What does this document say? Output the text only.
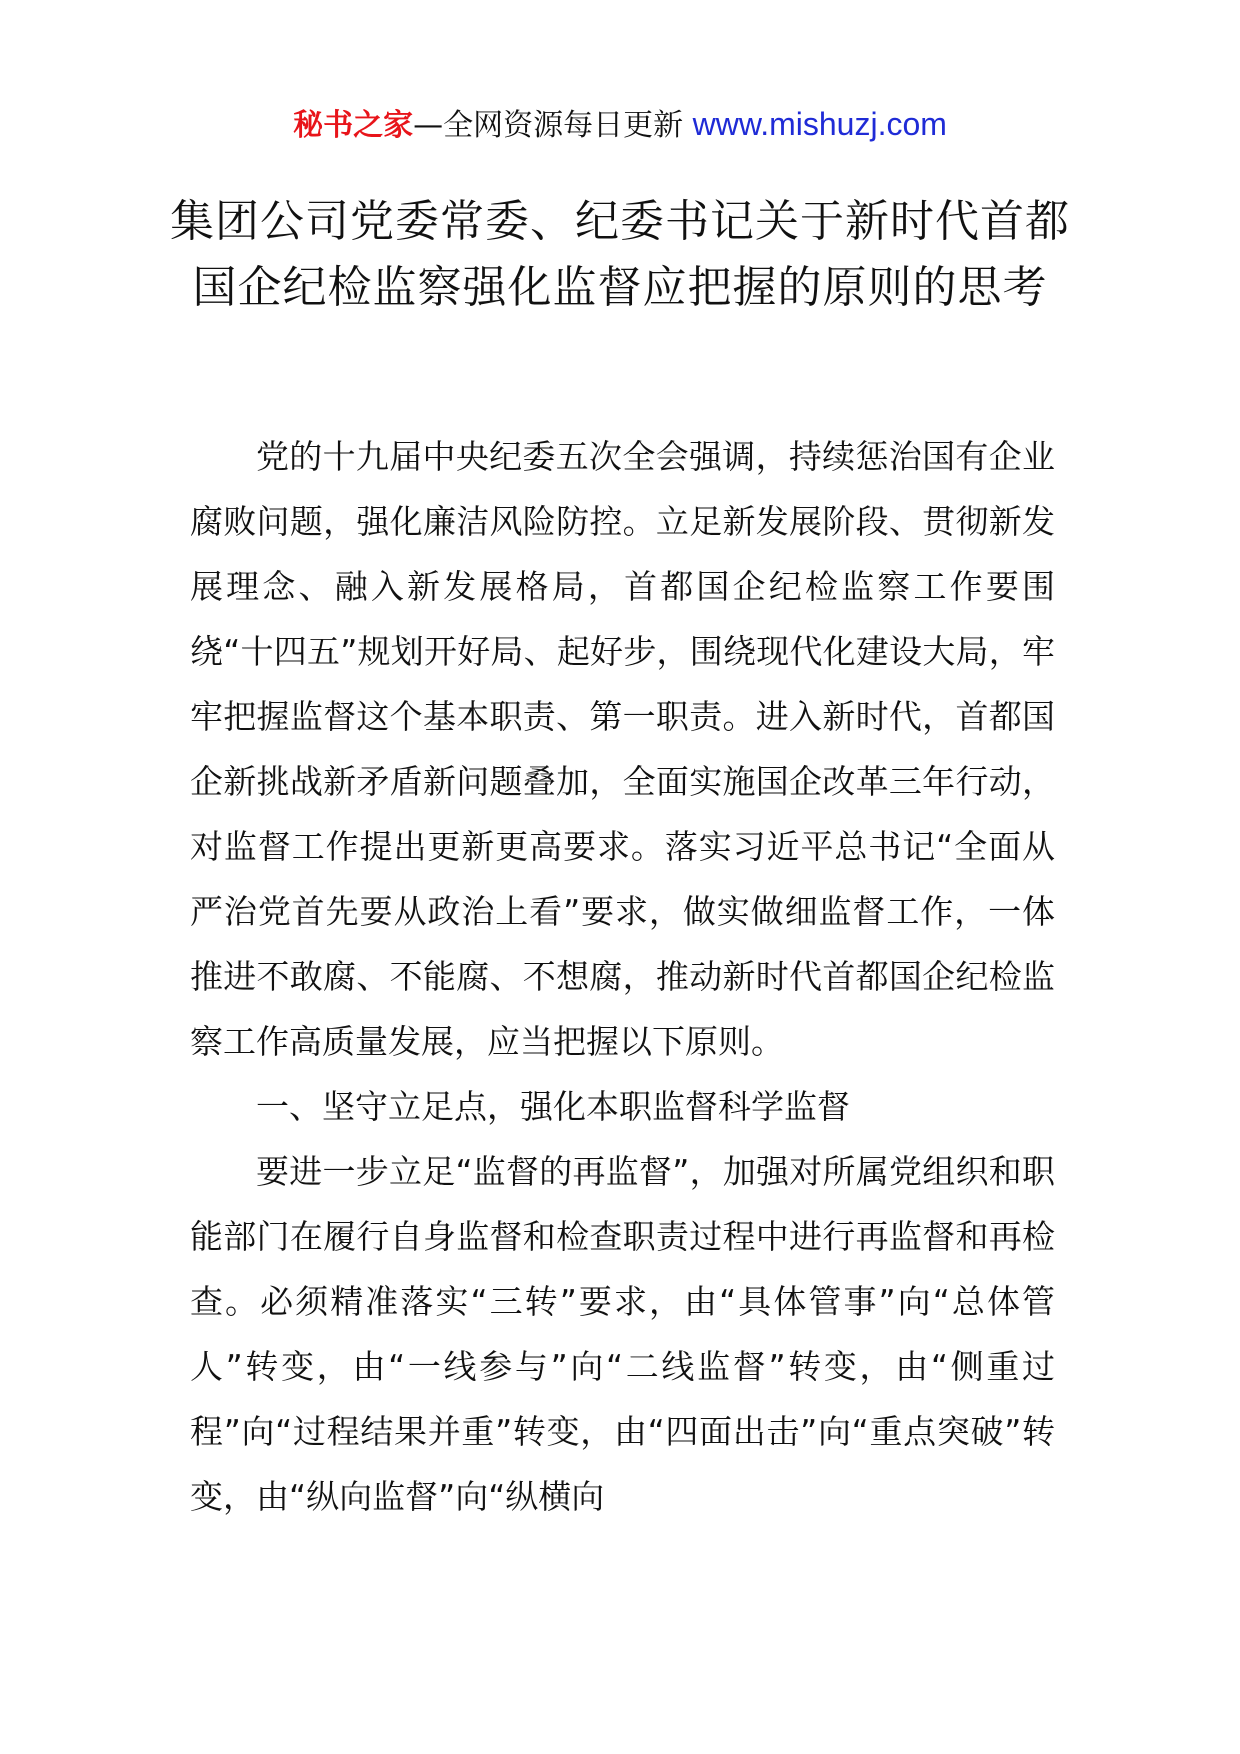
秘书之家—全网资源每日更新 www.mishuzj.com
集团公司党委常委、纪委书记关于新时代首都国企纪检监察强化监督应把握的原则的思考

党的十九届中央纪委五次全会强调，持续惩治国有企业腐败问题，强化廉洁风险防控。立足新发展阶段、贯彻新发展理念、融入新发展格局，首都国企纪检监察工作要围绕“十四五”规划开好局、起好步，围绕现代化建设大局，牢牢把握监督这个基本职责、第一职责。进入新时代，首都国企新挑战新矛盾新问题叠加，全面实施国企改革三年行动，对监督工作提出更新更高要求。落实习近平总书记“全面从严治党首先要从政治上看”要求，做实做细监督工作，一体推进不敢腐、不能腐、不想腐，推动新时代首都国企纪检监察工作高质量发展，应当把握以下原则。

一、坚守立足点，强化本职监督科学监督

要进一步立足“监督的再监督”，加强对所属党组织和职能部门在履行自身监督和检查职责过程中进行再监督和再检查。必须精准落实“三转”要求，由“具体管事”向“总体管人”转变，由“一线参与”向“二线监督”转变，由“侧重过程”向“过程结果并重”转变，由“四面出击”向“重点突破”转变，由“纵向监督”向“纵横向
